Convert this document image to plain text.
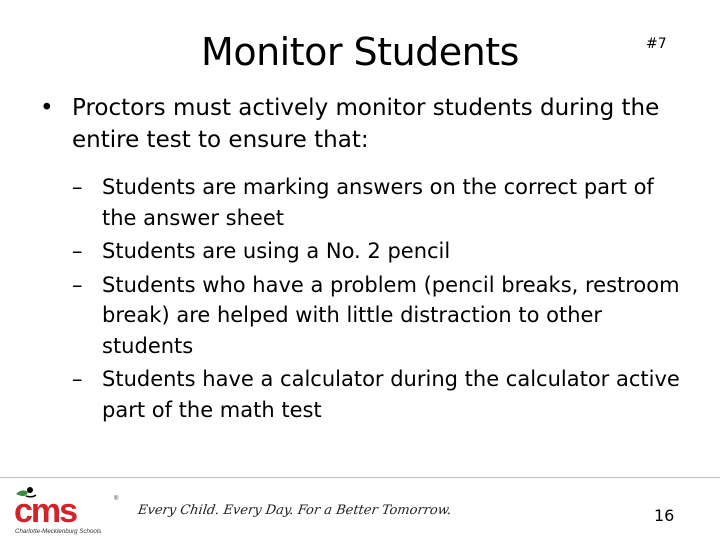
Monitor Students	#7
• Proctors must actively monitor students during the entire test to ensure that:
– Students are marking answers on the correct part of the answer sheet
– Students are using a No. 2 pencil
– Students who have a problem (pencil breaks, restroom break) are helped with little distraction to other students
– Students have a calculator during the calculator active part of the math test
cms	®
Charlotte-Mecklenburg Schools
Every Child. Every Day. For a Better Tomorrow.	16
